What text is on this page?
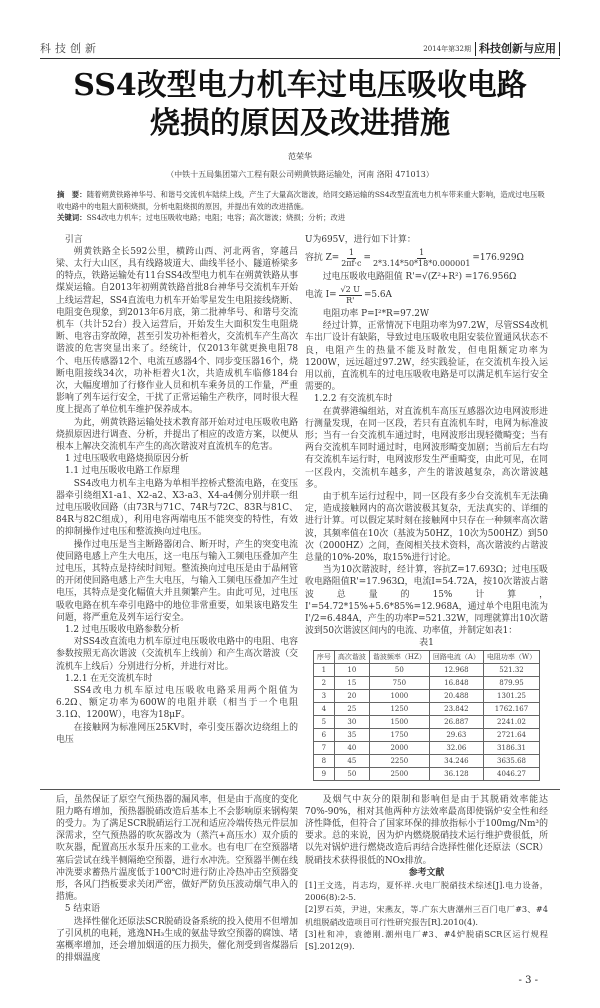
科技创新	2014年第32期 科技创新与应用
SS4改型电力机车过电压吸收电路
烧损的原因及改进措施
范荣华
（中铁十五局集团第六工程有限公司朔黄铁路运输处，河南 洛阳 471013）
摘　要：随着朔黄铁路神华号、和谐号交流机车陆续上线，产生了大量高次谐波，给同交路运输的SS4改型直流电力机车带来重大影响，造成过电压吸收电路中的电阻大面积烧损，分析电阻烧损的原因，并提出有效的改进措施。
关键词：SS4改电力机车；过电压吸收电路；电阻；电容；高次谐波；烧损；分析；改进

引言

朔黄铁路全长592公里，横跨山西、河北两省，穿越吕梁、太行大山区，具有线路坡道大、曲线半径小、隧道桥梁多的特点，铁路运输处有11台SS4改型电力机车在朔黄铁路从事煤炭运输。自2013年初朔黄铁路首批8台神华号交流机车开始上线运营起，SS4直流电力机车开始零星发生电阻接线烧断、电阻变色现象，到2013年6月底，第二批神华号、和谐号交流机车（共计52台）投入运营后，开始发生大面积发生电阻烧断、电容击穿故障，甚至引发功补柜着火，交流机车产生高次谐波的危害突显出来了。经统计，仅2013年就更换电阻78个、电压传感器12个、电流互感器4个、同步变压器16个，烧断电阻接线34次，功补柜着火1次，共造成机车临修184台次，大幅度增加了行修作业人员和机车乘务员的工作量，严重影响了列车运行安全，干扰了正常运输生产秩序，同时很大程度上提高了单位机车维护保养成本。

为此，朔黄铁路运输处技术教育部开始对过电压吸收电路烧损原因进行调查、分析，并提出了相应的改造方案，以便从根本上解决交流机车产生的高次谐波对直流机车的危害。

1 过电压吸收电路烧损原因分析

1.1 过电压吸收电路工作原理

SS4改电力机车主电路为单相半控桥式整流电路，在变压器牵引绕组X1-a1、X2-a2、X3-a3、X4-a4侧分别并联一组过电压吸收回路（由73R与71C、74R与72C、83R与81C、84R与82C组成），利用电容两端电压不能突变的特性，有效的抑制操作过电压和整流换向过电压。

操作过电压是当主断路器闭合、断开时，产生的突变电流使回路电感上产生大电压，这一电压与输入工频电压叠加产生过电压，其特点是持续时间短。整流换向过电压是由于晶闸管的开闭使回路电感上产生大电压，与输入工频电压叠加产生过电压，其特点是变化幅值大并且频繁产生。由此可见，过电压吸收电路在机车牵引电路中的地位非常重要，如果该电路发生问题，将严重危及列车运行安全。

1.2 过电压吸收电路参数分析

对SS4改直流电力机车原过电压吸收电路中的电阻、电容参数按照无高次谐波（交流机车上线前）和产生高次谐波（交流机车上线后）分别进行分析，并进行对比。

1.2.1 在无交流机车时

SS4改电力机车原过电压吸收电路采用两个阻值为6.2Ω、额定功率为600W的电阻并联（相当于一个电阻3.1Ω、1200W），电容为18μF。

在接触网为标准网压25KV时，牵引变压器次边绕组上的电压

U为695V，进行如下计算：

容抗 $Z= \frac{1}{2\pi f\cdot c} = \frac{1}{2*3.14*50*18*0.000001} =176.929\Omega$

过电压吸收电路阻值 R'=√(Z²+R²) =176.956Ω

电流 $I= \frac{√2 U}{R'} =5.6A$

电阻功率 P=I²*R=97.2W

经过计算，正常情况下电阻功率为97.2W，尽管SS4改机车出厂设计有缺陷，导致过电压吸收电阻安装位置通风状态不良，电阻产生的热量不能及时散发，但电阻额定功率为1200W，远远超过97.2W，经实践验证，在交流机车投入运用以前，直流机车的过电压吸收电路是可以满足机车运行安全需要的。

1.2.2 有交流机车时

在黄骅港编组站，对直流机车高压互感器次边电网波形进行测量发现，在同一区段，若只有直流机车时，电网为标准波形；当有一台交流机车通过时，电网波形出现轻微畸变；当有两台交流机车同时通过时，电网波形畸变加剧；当前后左右均有交流机车运行时，电网波形发生严重畸变，由此可见，在同一区段内，交流机车越多，产生的谐波越复杂，高次谐波越多。

由于机车运行过程中，同一区段有多少台交流机车无法确定，造成接触网内的高次谐波极其复杂，无法真实的、详细的进行计算。可以假定某时刻在接触网中只存在一种频率高次谐波，其频率值在10次（基波为50HZ，10次为500HZ）到50次（2000HZ）之间，查阅相关技术资料，高次谐波约占谐波总量的10%-20%，取15%进行讨论。

当为10次谐波时，经计算，容抗Z=17.693Ω；过电压吸收电路阻值R'=17.963Ω，电流I=54.72A，按10次谐波占谐波总量的15%计算，I'=54.72*15%+5.6*85%=12.968A，通过单个电阻电流为I'/2=6.484A，产生的功率P=521.32W，同理就算出10次谐波到50次谐波区间内的电流、功率值，并制定如表1：

表1

序号	高次谐波	谐波频率（HZ）	回路电流（A）	电阻功率（W）
1	10	50	12.968	521.32
2	15	750	16.848	879.95
3	20	1000	20.488	1301.25
4	25	1250	23.842	1762.167
5	30	1500	26.887	2241.02
6	35	1750	29.63	2721.64
7	40	2000	32.06	3186.31
8	45	2250	34.246	3635.68
9	50	2500	36.128	4046.27

后，虽然保证了原空气预热器的漏风率，但是由于高度的变化阻力略有增加，预热器脱硝改造后基本上不会影响原来钢构架的受力。为了满足SCR脱硝运行工况和适应冷端传热元件层加深需求，空气预热器的吹灰器改为（蒸汽+高压水）双介质的吹灰器，配置高压水泵升压来的工业水。也有电厂在空预器堵塞后尝试在线半侧隔绝空预器，进行水冲洗。空预器半侧在线冲洗要求蓄热片温度低于100℃时进行防止冷热冲击空预器变形，各风门挡板要求关闭严密，做好严防负压波动烟气串入的措施。

5 结束语

选择性催化还原法SCR脱硝设备系统的投入使用不但增加了引风机的电耗，逃逸NH₃生成的氨盐导致空预器的腐蚀、堵塞概率增加，还会增加烟道的压力损失，催化剂受到省煤器后的排烟温度

及烟气中灰分的限制和影响但是由于其脱硝效率能达70%-90%，相对其他两种方法效率最高即使锅炉安全性和经济性降低，但符合了国家环保的排放指标小于100mg/Nm³的要求。总的来说，因为炉内燃烧脱硝技术运行维护费很低，所以先对锅炉进行燃烧改造后再结合选择性催化还原法（SCR）脱硝技术获得很低的NOx排放。

参考文献

[1]王文选，肖志均，夏怀祥.火电厂脱硝技术综述[J].电力设备，2006(8):2-5.

[2]罗石英，尹进，宋燕友，等.广东大唐潮州三百门电厂#3、#4机组脱硝改造项目可行性研究报告[R].2010(4).

[3]杜和冲，袁德刚.潮州电厂#3、#4炉脱硝SCR区运行规程[S].2012(9).

- 3 -
